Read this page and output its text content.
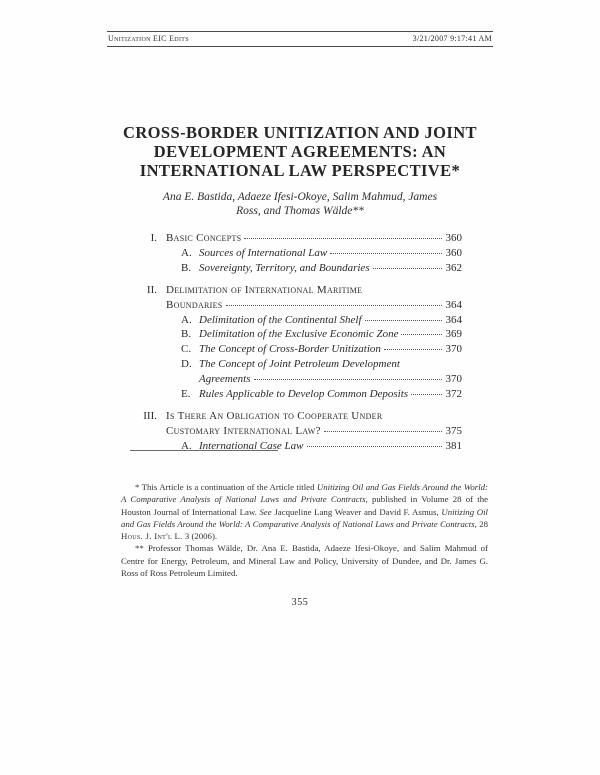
Unitization EIC Edits	3/21/2007 9:17:41 AM
CROSS-BORDER UNITIZATION AND JOINT
DEVELOPMENT AGREEMENTS: AN
INTERNATIONAL LAW PERSPECTIVE*
Ana E. Bastida, Adaeze Ifesi-Okoye, Salim Mahmud, James
Ross, and Thomas Wälde**
I. Basic Concepts	360
A. Sources of International Law	360
B. Sovereignty, Territory, and Boundaries	362
II. Delimitation of International Maritime
Boundaries	364
A. Delimitation of the Continental Shelf	364
B. Delimitation of the Exclusive Economic Zone	369
C. The Concept of Cross-Border Unitization	370
D. The Concept of Joint Petroleum Development
Agreements	370
E. Rules Applicable to Develop Common Deposits	372
III. Is There An Obligation to Cooperate Under
Customary International Law?	375
A. International Case Law	381

* This Article is a continuation of the Article titled Unitizing Oil and Gas Fields Around the World: A Comparative Analysis of National Laws and Private Contracts, published in Volume 28 of the Houston Journal of International Law. See Jacqueline Lang Weaver and David F. Asmus, Unitizing Oil and Gas Fields Around the World: A Comparative Analysis of National Laws and Private Contracts, 28 Hous. J. Int'l L. 3 (2006).

** Professor Thomas Wälde, Dr. Ana E. Bastida, Adaeze Ifesi-Okoye, and Salim Mahmud of Centre for Energy, Petroleum, and Mineral Law and Policy, University of Dundee, and Dr. James G. Ross of Ross Petroleum Limited.

355
